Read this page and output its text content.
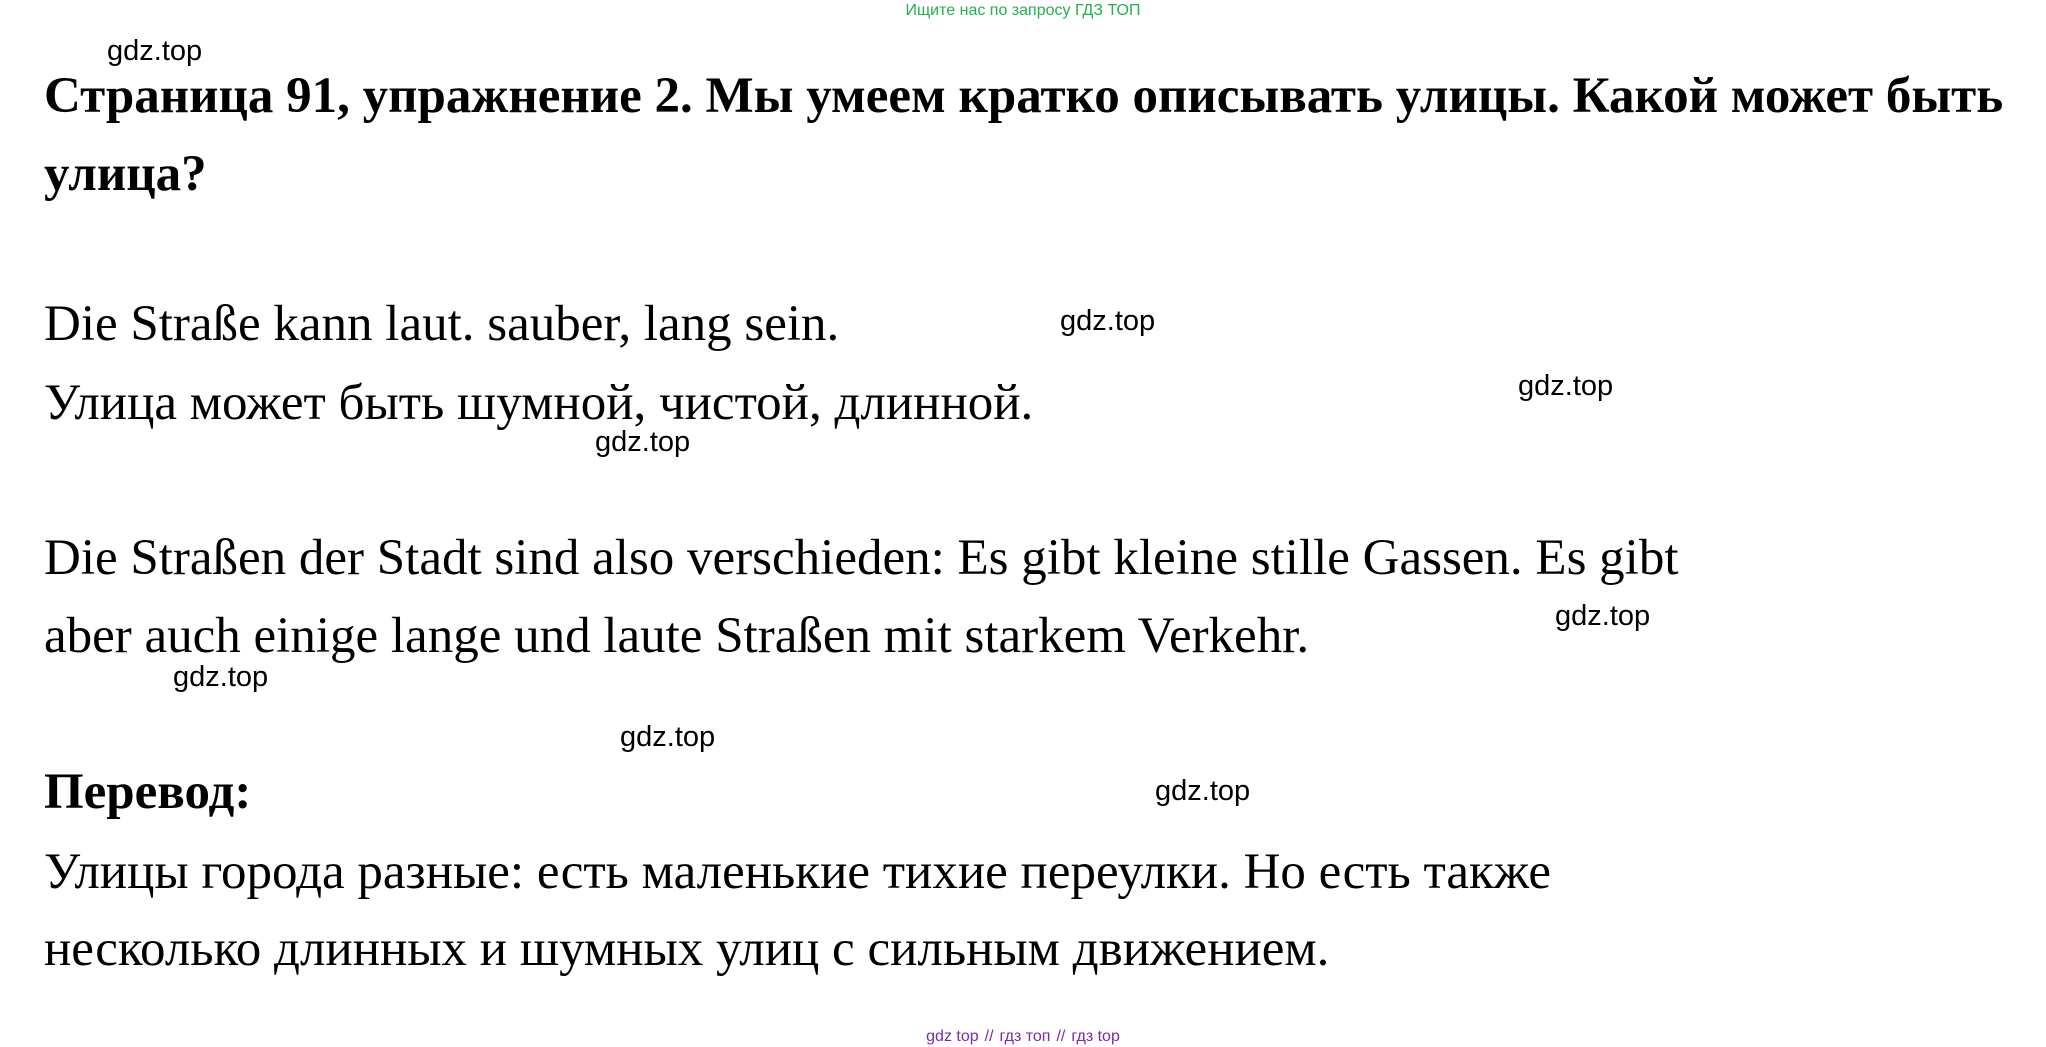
Ищите нас по запросу ГДЗ ТОП
gdz.top
Страница 91, упражнение 2. Мы умеем кратко описывать улицы. Какой может быть улица?

Die Straße kann laut. sauber, lang sein.	gdz.top

Улица может быть шумной, чистой, длинной.	gdz.top
gdz.top

Die Straßen der Stadt sind also verschieden: Es gibt kleine stille Gassen. Es gibt

aber auch einige lange und laute Straßen mit starkem Verkehr.	gdz.top
gdz.top
gdz.top
Перевод:	gdz.top

Улицы города разные: есть маленькие тихие переулки. Но есть также

несколько длинных и шумных улиц с сильным движением.

gdz top // гдз топ // гдз top
